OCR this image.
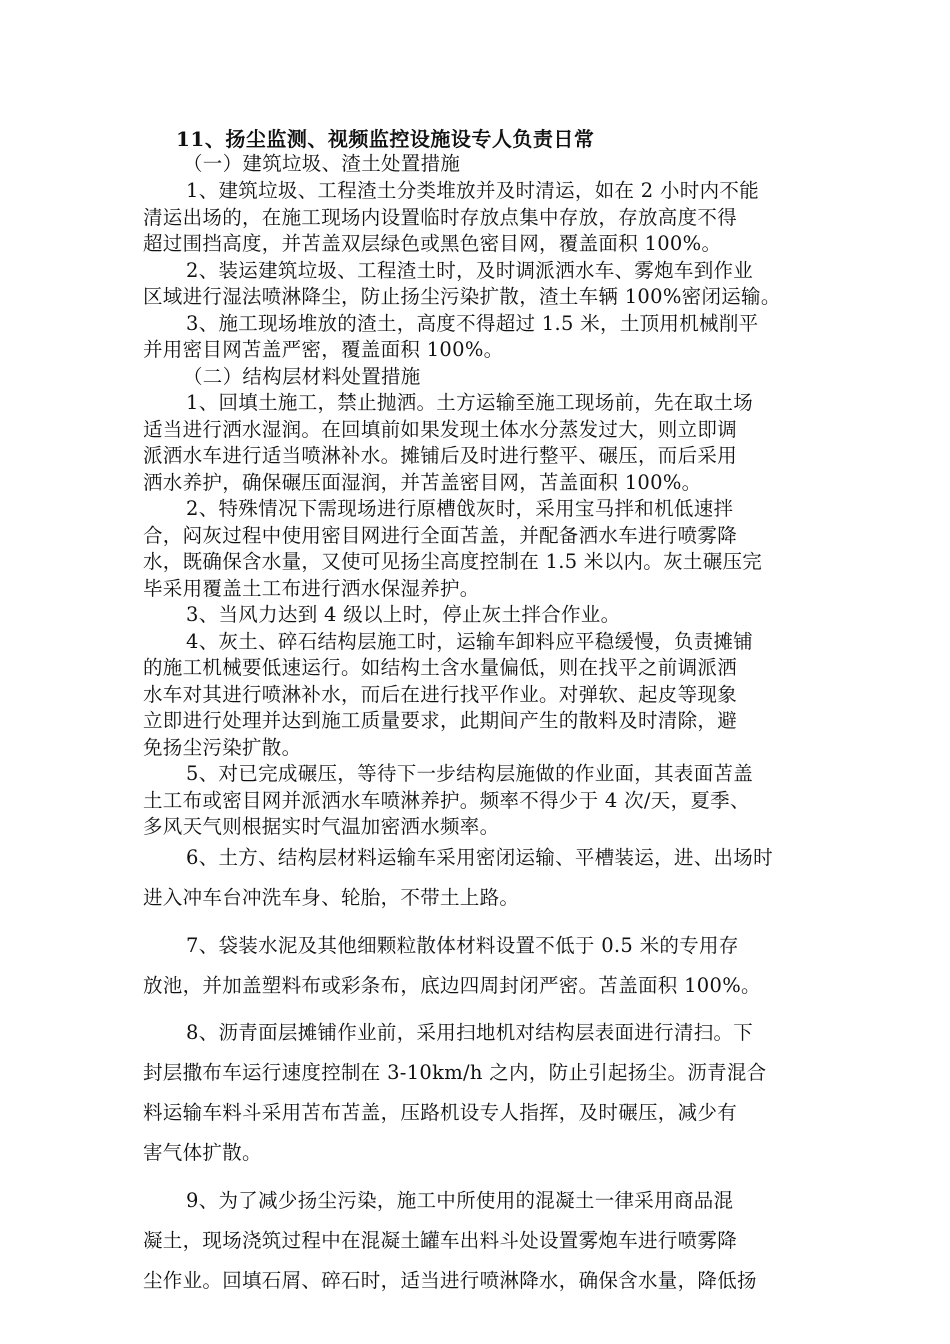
11、扬尘监测、视频监控设施设专人负责日常
（一）建筑垃圾、渣土处置措施
1、建筑垃圾、工程渣土分类堆放并及时清运，如在 2 小时内不能
清运出场的，在施工现场内设置临时存放点集中存放，存放高度不得
超过围挡高度，并苫盖双层绿色或黑色密目网，覆盖面积 100%。
2、装运建筑垃圾、工程渣土时，及时调派洒水车、雾炮车到作业
区域进行湿法喷淋降尘，防止扬尘污染扩散，渣土车辆 100%密闭运输。
3、施工现场堆放的渣土，高度不得超过 1.5 米，土顶用机械削平
并用密目网苫盖严密，覆盖面积 100%。
（二）结构层材料处置措施
1、回填土施工，禁止抛洒。土方运输至施工现场前，先在取土场
适当进行洒水湿润。在回填前如果发现土体水分蒸发过大，则立即调
派洒水车进行适当喷淋补水。摊铺后及时进行整平、碾压，而后采用
洒水养护，确保碾压面湿润，并苫盖密目网，苫盖面积 100%。
2、特殊情况下需现场进行原槽戗灰时，采用宝马拌和机低速拌
合，闷灰过程中使用密目网进行全面苫盖，并配备洒水车进行喷雾降
水，既确保含水量，又使可见扬尘高度控制在 1.5 米以内。灰土碾压完
毕采用覆盖土工布进行洒水保湿养护。
3、当风力达到 4 级以上时，停止灰土拌合作业。
4、灰土、碎石结构层施工时，运输车卸料应平稳缓慢，负责摊铺
的施工机械要低速运行。如结构土含水量偏低，则在找平之前调派洒
水车对其进行喷淋补水，而后在进行找平作业。对弹软、起皮等现象
立即进行处理并达到施工质量要求，此期间产生的散料及时清除，避
免扬尘污染扩散。
5、对已完成碾压，等待下一步结构层施做的作业面，其表面苫盖
土工布或密目网并派洒水车喷淋养护。频率不得少于 4 次/天，夏季、
多风天气则根据实时气温加密洒水频率。
6、土方、结构层材料运输车采用密闭运输、平槽装运，进、出场时
进入冲车台冲洗车身、轮胎，不带土上路。
7、袋装水泥及其他细颗粒散体材料设置不低于 0.5 米的专用存
放池，并加盖塑料布或彩条布，底边四周封闭严密。苫盖面积 100%。
8、沥青面层摊铺作业前，采用扫地机对结构层表面进行清扫。下
封层撒布车运行速度控制在 3-10km/h 之内，防止引起扬尘。沥青混合
料运输车料斗采用苫布苫盖，压路机设专人指挥，及时碾压，减少有
害气体扩散。
9、为了减少扬尘污染，施工中所使用的混凝土一律采用商品混
凝土，现场浇筑过程中在混凝土罐车出料斗处设置雾炮车进行喷雾降
尘作业。回填石屑、碎石时，适当进行喷淋降水，确保含水量，降低扬
